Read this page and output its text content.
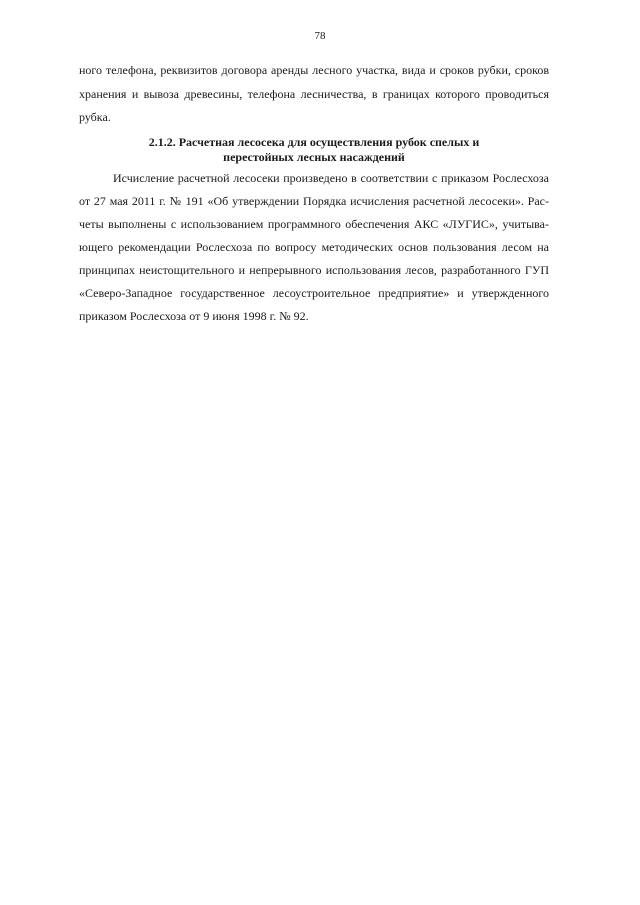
78
ного телефона, реквизитов договора аренды лесного участка, вида и сроков рубки, сроков
хранения и вывоза древесины, телефона лесничества, в границах которого проводиться
рубка.
2.1.2. Расчетная лесосека для осуществления рубок спелых и
перестойных лесных насаждений
Исчисление расчетной лесосеки произведено в соответствии с приказом Рослесхоза
от 27 мая 2011 г. № 191 «Об утверждении Порядка исчисления расчетной лесосеки». Рас-
четы выполнены с использованием программного обеспечения АКС «ЛУГИС», учитыва-
ющего рекомендации Рослесхоза по вопросу методических основ пользования лесом на
принципах неистощительного и непрерывного использования лесов, разработанного ГУП
«Северо-Западное государственное лесоустроительное предприятие» и утвержденного
приказом Рослесхоза от 9 июня 1998 г. № 92.
